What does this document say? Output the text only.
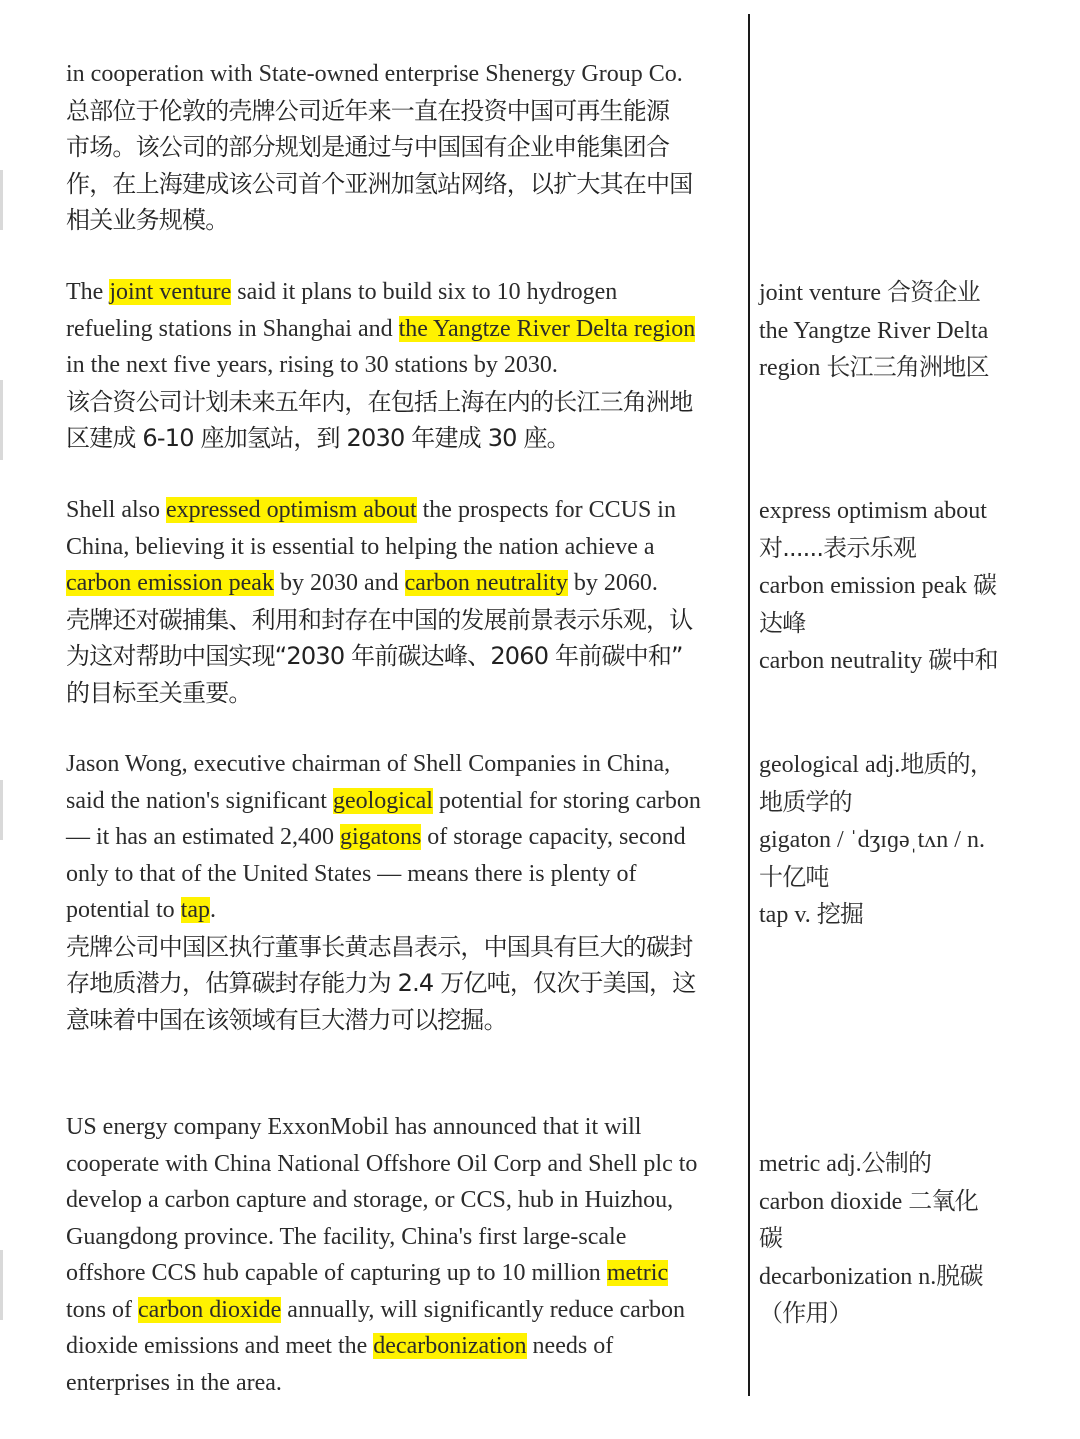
in cooperation with State-owned enterprise Shenergy Group Co.
总部位于伦敦的壳牌公司近年来一直在投资中国可再生能源
市场。该公司的部分规划是通过与中国国有企业申能集团合
作，在上海建成该公司首个亚洲加氢站网络，以扩大其在中国
相关业务规模。
The joint venture said it plans to build six to 10 hydrogen
refueling stations in Shanghai and the Yangtze River Delta region
in the next five years, rising to 30 stations by 2030.
该合资公司计划未来五年内，在包括上海在内的长江三角洲地
区建成 6-10 座加氢站，到 2030 年建成 30 座。
joint venture 合资企业
the Yangtze River Delta
region 长江三角洲地区
Shell also expressed optimism about the prospects for CCUS in
China, believing it is essential to helping the nation achieve a
carbon emission peak by 2030 and carbon neutrality by 2060.
壳牌还对碳捕集、利用和封存在中国的发展前景表示乐观，认
为这对帮助中国实现“2030 年前碳达峰、2060 年前碳中和”
的目标至关重要。
express optimism about
对......表示乐观
carbon emission peak 碳
达峰
carbon neutrality 碳中和
Jason Wong, executive chairman of Shell Companies in China,
said the nation's significant geological potential for storing carbon
— it has an estimated 2,400 gigatons of storage capacity, second
only to that of the United States — means there is plenty of
potential to tap.
壳牌公司中国区执行董事长黄志昌表示，中国具有巨大的碳封
存地质潜力，估算碳封存能力为 2.4 万亿吨，仅次于美国，这
意味着中国在该领域有巨大潜力可以挖掘。
geological adj.地质的，
地质学的
gigaton / ˈdʒɪɡəˌtʌn / n.
十亿吨
tap v. 挖掘
US energy company ExxonMobil has announced that it will
cooperate with China National Offshore Oil Corp and Shell plc to
develop a carbon capture and storage, or CCS, hub in Huizhou,
Guangdong province. The facility, China's first large-scale
offshore CCS hub capable of capturing up to 10 million metric
tons of carbon dioxide annually, will significantly reduce carbon
dioxide emissions and meet the decarbonization needs of
enterprises in the area.
metric adj.公制的
carbon dioxide 二氧化
碳
decarbonization n.脱碳
（作用）
